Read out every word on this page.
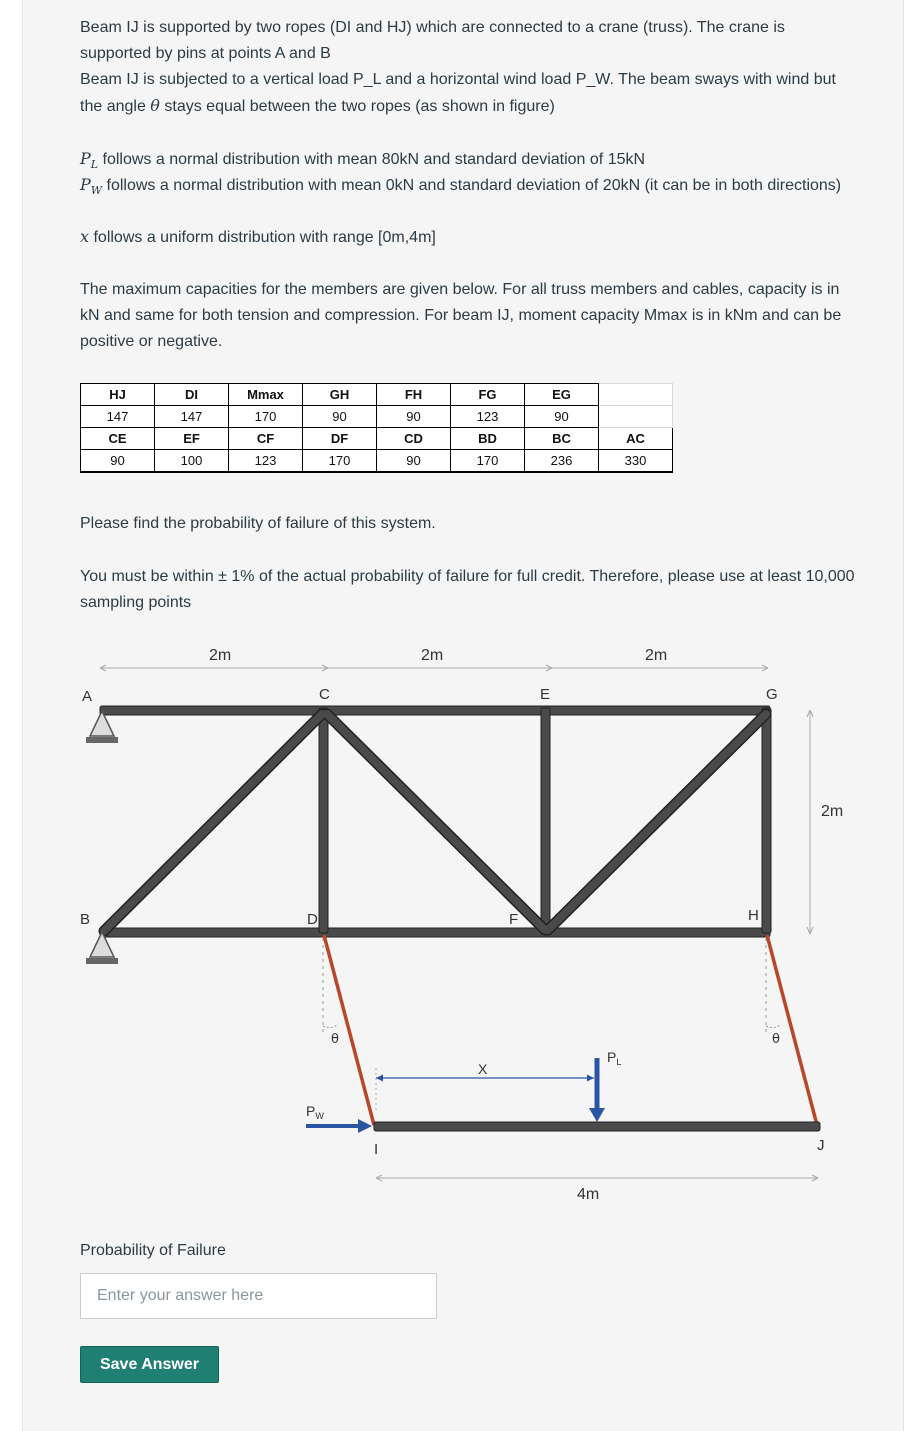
Beam IJ is supported by two ropes (DI and HJ) which are connected to a crane (truss). The crane is supported by pins at points A and B

Beam IJ is subjected to a vertical load P_L and a horizontal wind load P_W. The beam sways with wind but the angle θ stays equal between the two ropes (as shown in figure)

$P_L$ follows a normal distribution with mean 80kN and standard deviation of 15kN

$P_W$ follows a normal distribution with mean 0kN and standard deviation of 20kN (it can be in both directions)

x follows a uniform distribution with range [0m,4m]

The maximum capacities for the members are given below. For all truss members and cables, capacity is in kN and same for both tension and compression. For beam IJ, moment capacity Mmax is in kNm and can be positive or negative.

HJ	DI	Mmax	GH	FH	FG	EG	
147	147	170	90	90	123	90	
CE	EF	CF	DF	CD	BD	BC	AC
90	100	123	170	90	170	236	330

Please find the probability of failure of this system.

You must be within ± 1% of the actual probability of failure for full credit. Therefore, please use at least 10,000 sampling points

2m	2m	2m
2m
A
B
C
D
E
F
G
H
I	J
θ	θ
X
$P_L$
$P_W$
4m

Probability of Failure

Enter your answer here
Save Answer
